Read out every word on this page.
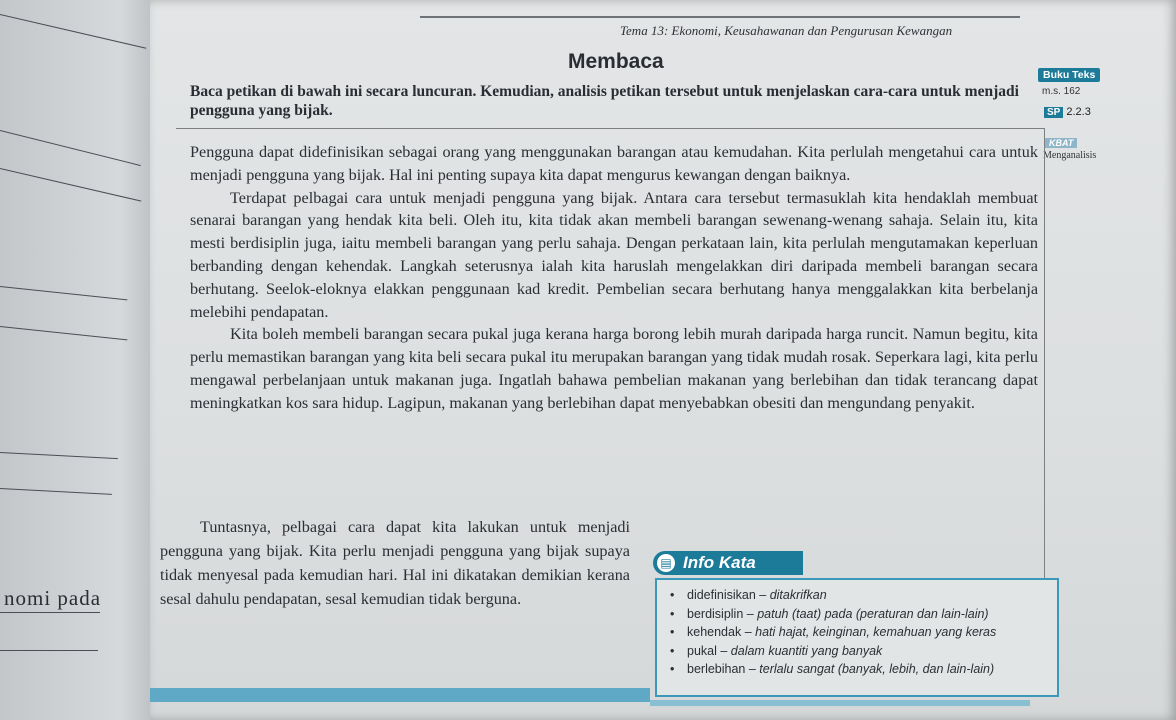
nomi pada
Tema 13: Ekonomi, Keusahawanan dan Pengurusan Kewangan
Membaca
Buku Teks
m.s. 162
SP 2.2.3
KBAT
Menganalisis
Baca petikan di bawah ini secara luncuran. Kemudian, analisis petikan tersebut untuk menjelaskan cara-cara untuk menjadi pengguna yang bijak.

Pengguna dapat didefinisikan sebagai orang yang menggunakan barangan atau kemudahan. Kita perlulah mengetahui cara untuk menjadi pengguna yang bijak. Hal ini penting supaya kita dapat mengurus kewangan dengan baiknya.

Terdapat pelbagai cara untuk menjadi pengguna yang bijak. Antara cara tersebut termasuklah kita hendaklah membuat senarai barangan yang hendak kita beli. Oleh itu, kita tidak akan membeli barangan sewenang-wenang sahaja. Selain itu, kita mesti berdisiplin juga, iaitu membeli barangan yang perlu sahaja. Dengan perkataan lain, kita perlulah mengutamakan keperluan berbanding dengan kehendak. Langkah seterusnya ialah kita haruslah mengelakkan diri daripada membeli barangan secara berhutang. Seelok-eloknya elakkan penggunaan kad kredit. Pembelian secara berhutang hanya menggalakkan kita berbelanja melebihi pendapatan.

Kita boleh membeli barangan secara pukal juga kerana harga borong lebih murah daripada harga runcit. Namun begitu, kita perlu memastikan barangan yang kita beli secara pukal itu merupakan barangan yang tidak mudah rosak. Seperkara lagi, kita perlu mengawal perbelanjaan untuk makanan juga. Ingatlah bahawa pembelian makanan yang berlebihan dan tidak terancang dapat meningkatkan kos sara hidup. Lagipun, makanan yang berlebihan dapat menyebabkan obesiti dan mengundang penyakit.

Tuntasnya, pelbagai cara dapat kita lakukan untuk menjadi pengguna yang bijak. Kita perlu menjadi pengguna yang bijak supaya tidak menyesal pada kemudian hari. Hal ini dikatakan demikian kerana sesal dahulu pendapatan, sesal kemudian tidak berguna.

▤ Info Kata
• didefinisikan – ditakrifkan
• berdisiplin – patuh (taat) pada (peraturan dan lain-lain)
• kehendak – hati hajat, keinginan, kemahuan yang keras
• pukal – dalam kuantiti yang banyak
• berlebihan – terlalu sangat (banyak, lebih, dan lain-lain)
